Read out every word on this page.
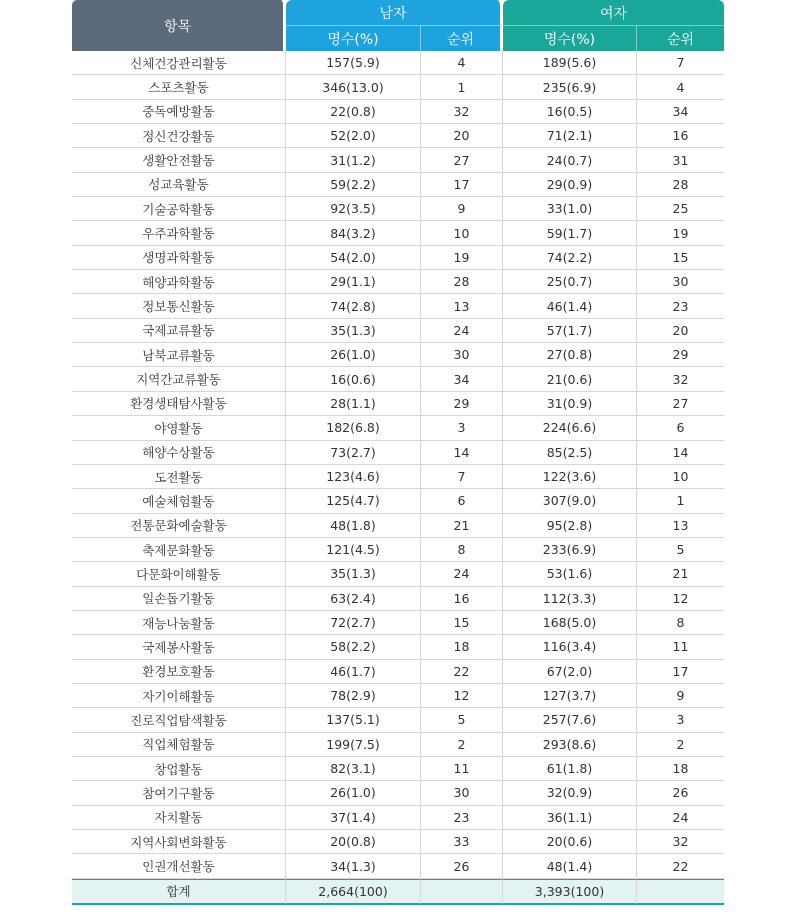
항목	남자		여자	
	명수(%)	순위	명수(%)	순위
신체건강관리활동	157(5.9)	4	189(5.6)	7
스포츠활동	346(13.0)	1	235(6.9)	4
중독예방활동	22(0.8)	32	16(0.5)	34
정신건강활동	52(2.0)	20	71(2.1)	16
생활안전활동	31(1.2)	27	24(0.7)	31
성교육활동	59(2.2)	17	29(0.9)	28
기술공학활동	92(3.5)	9	33(1.0)	25
우주과학활동	84(3.2)	10	59(1.7)	19
생명과학활동	54(2.0)	19	74(2.2)	15
해양과학활동	29(1.1)	28	25(0.7)	30
정보통신활동	74(2.8)	13	46(1.4)	23
국제교류활동	35(1.3)	24	57(1.7)	20
남북교류활동	26(1.0)	30	27(0.8)	29
지역간교류활동	16(0.6)	34	21(0.6)	32
환경생태탐사활동	28(1.1)	29	31(0.9)	27
야영활동	182(6.8)	3	224(6.6)	6
해양수상활동	73(2.7)	14	85(2.5)	14
도전활동	123(4.6)	7	122(3.6)	10
예술체험활동	125(4.7)	6	307(9.0)	1
전통문화예술활동	48(1.8)	21	95(2.8)	13
축제문화활동	121(4.5)	8	233(6.9)	5
다문화이해활동	35(1.3)	24	53(1.6)	21
일손돕기활동	63(2.4)	16	112(3.3)	12
재능나눔활동	72(2.7)	15	168(5.0)	8
국제봉사활동	58(2.2)	18	116(3.4)	11
환경보호활동	46(1.7)	22	67(2.0)	17
자기이해활동	78(2.9)	12	127(3.7)	9
진로직업탐색활동	137(5.1)	5	257(7.6)	3
직업체험활동	199(7.5)	2	293(8.6)	2
창업활동	82(3.1)	11	61(1.8)	18
참여기구활동	26(1.0)	30	32(0.9)	26
자치활동	37(1.4)	23	36(1.1)	24
지역사회변화활동	20(0.8)	33	20(0.6)	32
인권개선활동	34(1.3)	26	48(1.4)	22
합계	2,664(100)		3,393(100)	
